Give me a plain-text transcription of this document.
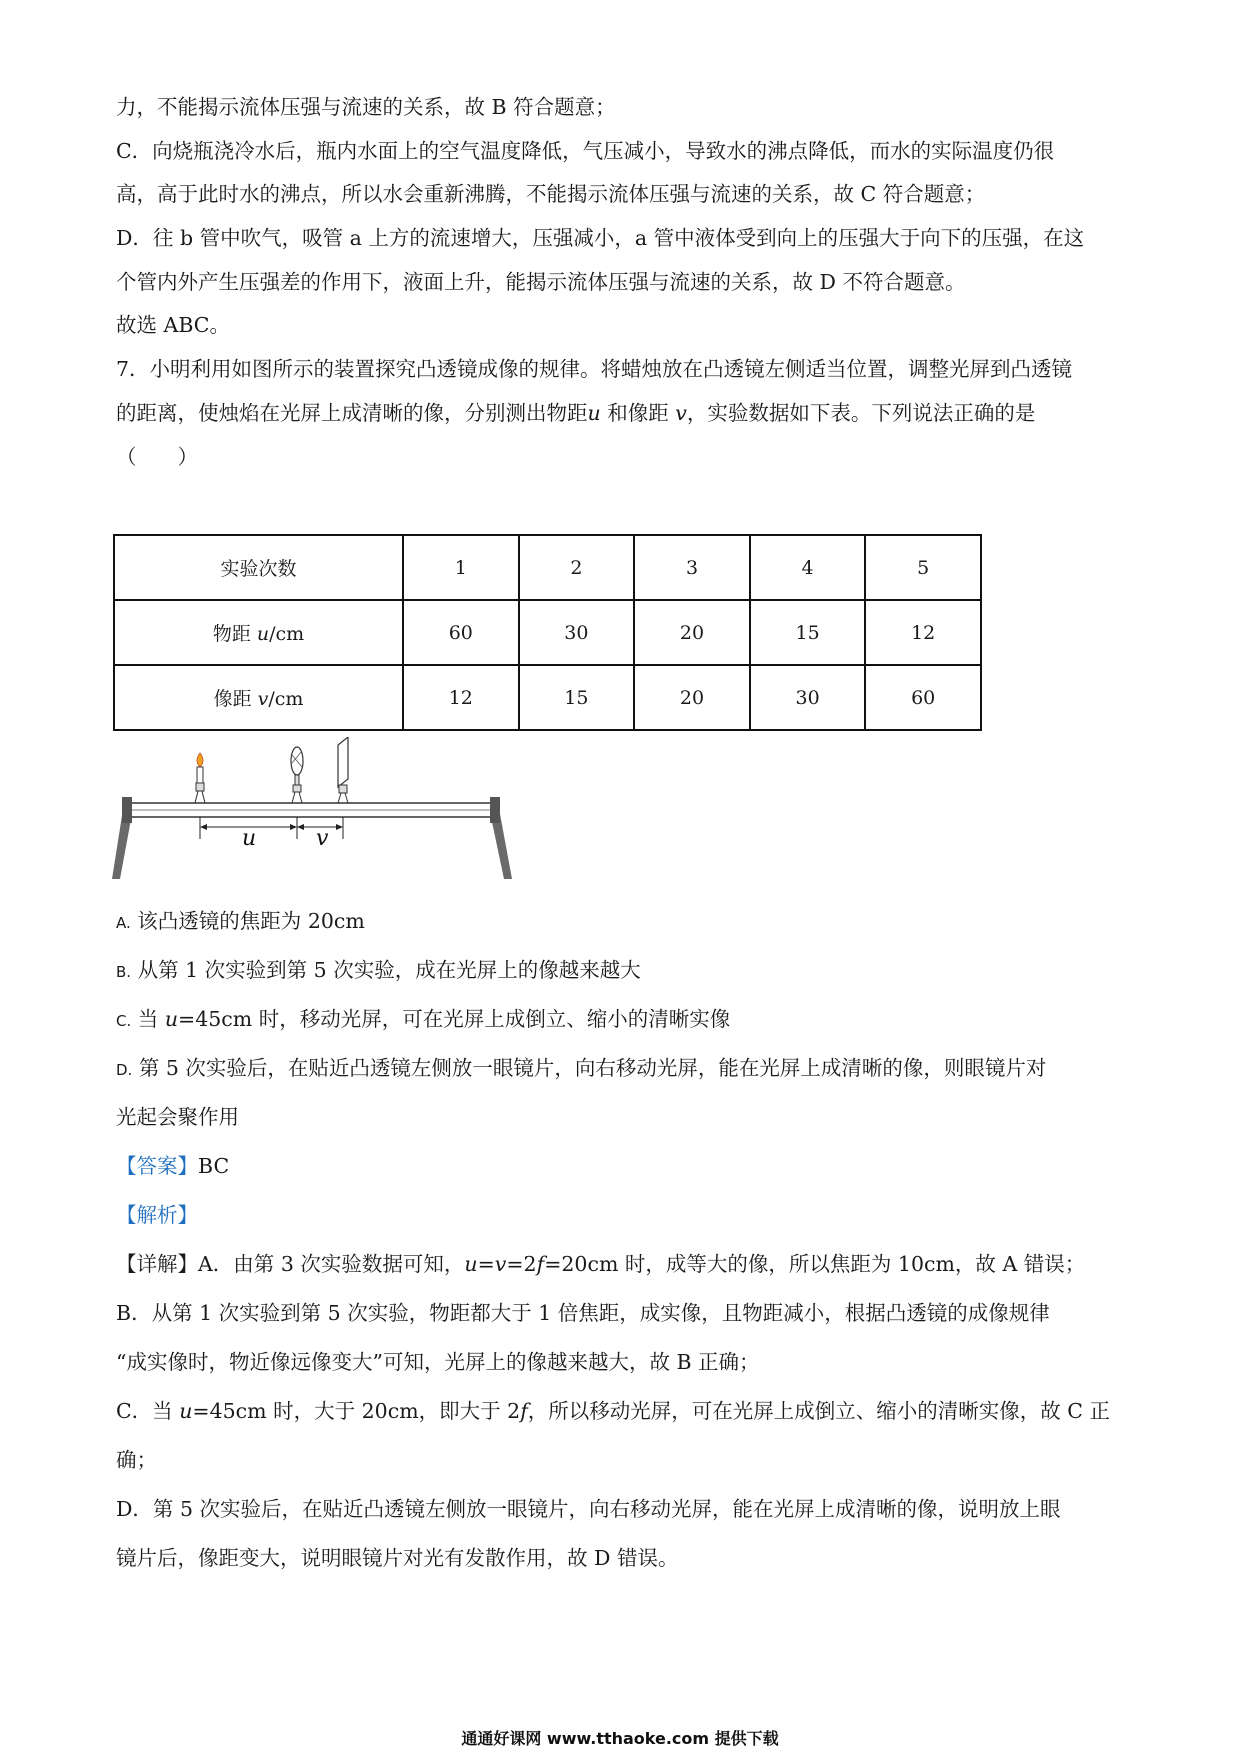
力，不能揭示流体压强与流速的关系，故 B 符合题意；
C．向烧瓶浇冷水后，瓶内水面上的空气温度降低，气压减小，导致水的沸点降低，而水的实际温度仍很
高，高于此时水的沸点，所以水会重新沸腾，不能揭示流体压强与流速的关系，故 C 符合题意；
D．往 b 管中吹气，吸管 a 上方的流速增大，压强减小，a 管中液体受到向上的压强大于向下的压强，在这
个管内外产生压强差的作用下，液面上升，能揭示流体压强与流速的关系，故 D 不符合题意。
故选 ABC。
7．小明利用如图所示的装置探究凸透镜成像的规律。将蜡烛放在凸透镜左侧适当位置，调整光屏到凸透镜
的距离，使烛焰在光屏上成清晰的像，分别测出物距u 和像距 v，实验数据如下表。下列说法正确的是
（　　）
实验次数	1	2	3	4	5
物距 u/cm	60	30	20	15	12
像距 v/cm	12	15	20	30	60
u	v
A. 该凸透镜的焦距为 20cm
B. 从第 1 次实验到第 5 次实验，成在光屏上的像越来越大
C. 当 u=45cm 时，移动光屏，可在光屏上成倒立、缩小的清晰实像
D. 第 5 次实验后，在贴近凸透镜左侧放一眼镜片，向右移动光屏，能在光屏上成清晰的像，则眼镜片对
光起会聚作用
【答案】BC
【解析】
【详解】A．由第 3 次实验数据可知，u=v=2f=20cm 时，成等大的像，所以焦距为 10cm，故 A 错误；
B．从第 1 次实验到第 5 次实验，物距都大于 1 倍焦距，成实像，且物距减小，根据凸透镜的成像规律
“成实像时，物近像远像变大”可知，光屏上的像越来越大，故 B 正确；
C．当 u=45cm 时，大于 20cm，即大于 2f，所以移动光屏，可在光屏上成倒立、缩小的清晰实像，故 C 正
确；
D．第 5 次实验后，在贴近凸透镜左侧放一眼镜片，向右移动光屏，能在光屏上成清晰的像，说明放上眼
镜片后，像距变大，说明眼镜片对光有发散作用，故 D 错误。
通通好课网 www.tthaoke.com 提供下载
